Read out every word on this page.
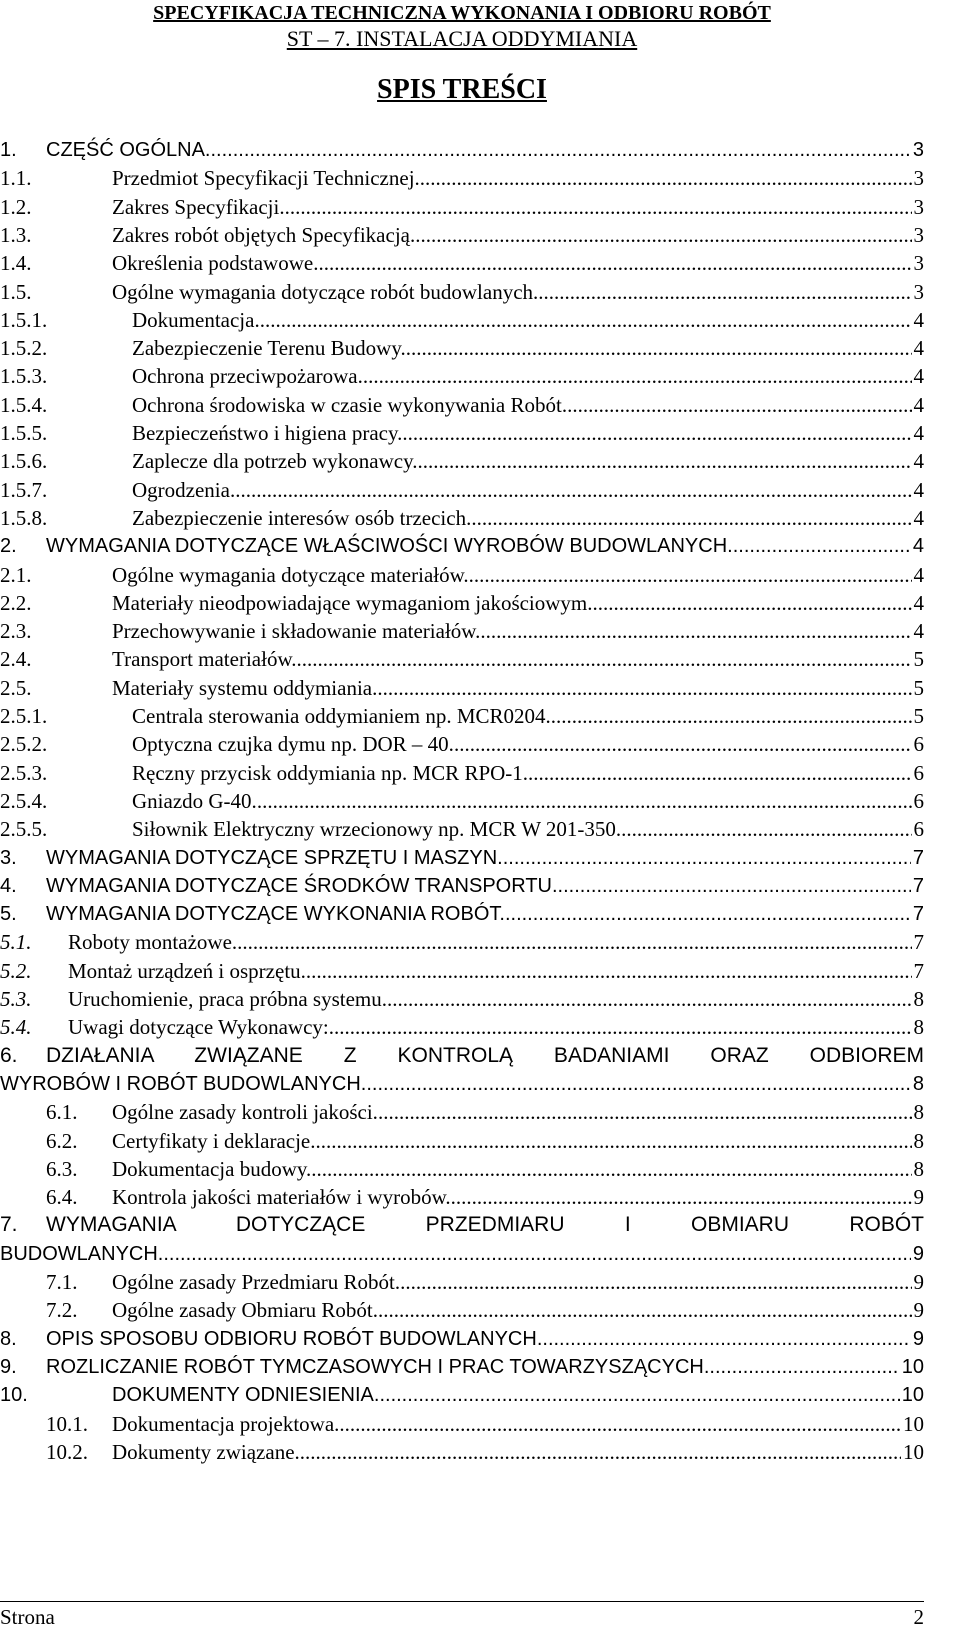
SPECYFIKACJA TECHNICZNA WYKONANIA I ODBIORU ROBÓT
ST – 7. INSTALACJA ODDYMIANIA
SPIS TREŚCI
1.	CZĘŚĆ OGÓLNA. .....	3
1.1.	Przedmiot Specyfikacji Technicznej. .....	3
1.2.	Zakres Specyfikacji. .....	3
1.3.	Zakres robót objętych Specyfikacją. .....	3
1.4.	Określenia podstawowe. .....	3
1.5.	Ogólne wymagania dotyczące robót budowlanych. .....	3
1.5.1.	Dokumentacja. .....	4
1.5.2.	Zabezpieczenie Terenu Budowy. .....	4
1.5.3.	Ochrona przeciwpożarowa. .....	4
1.5.4.	Ochrona środowiska w czasie wykonywania Robót. .....	4
1.5.5.	Bezpieczeństwo i higiena pracy. .....	4
1.5.6.	Zaplecze dla potrzeb wykonawcy. .....	4
1.5.7.	Ogrodzenia. .....	4
1.5.8.	Zabezpieczenie interesów osób trzecich. .....	4
2.	WYMAGANIA DOTYCZĄCE WŁAŚCIWOŚCI WYROBÓW BUDOWLANYCH. .....	4
2.1.	Ogólne wymagania dotyczące materiałów. .....	4
2.2.	Materiały nieodpowiadające wymaganiom jakościowym. .....	4
2.3.	Przechowywanie i składowanie materiałów. .....	4
2.4.	Transport materiałów. .....	5
2.5.	Materiały systemu oddymiania. .....	5
2.5.1.	Centrala sterowania oddymianiem np. MCR0204. .....	5
2.5.2.	Optyczna czujka dymu np. DOR – 40. .....	6
2.5.3.	Ręczny przycisk oddymiania np. MCR RPO-1. .....	6
2.5.4.	Gniazdo G-40. .....	6
2.5.5.	Siłownik Elektryczny wrzecionowy np. MCR W 201-350. .....	6
3.	WYMAGANIA DOTYCZĄCE SPRZĘTU I MASZYN. .....	7
4.	WYMAGANIA DOTYCZĄCE ŚRODKÓW TRANSPORTU. .....	7
5.	WYMAGANIA DOTYCZĄCE WYKONANIA ROBÓT. .....	7
5.1.	Roboty montażowe. .....	7
5.2.	Montaż urządzeń i osprzętu. .....	7
5.3.	Uruchomienie, praca próbna systemu. .....	8
5.4.	Uwagi dotyczące Wykonawcy: .....	8
6. DZIAŁANIA ZWIĄZANE Z KONTROLĄ BADANIAMI ORAZ ODBIOREM
WYROBÓW I ROBÓT BUDOWLANYCH. .....	8
6.1.	Ogólne zasady kontroli jakości. .....	8
6.2.	Certyfikaty i deklaracje. .....	8
6.3.	Dokumentacja budowy. .....	8
6.4.	Kontrola jakości materiałów i wyrobów. .....	9
7. WYMAGANIA DOTYCZĄCE PRZEDMIARU I OBMIARU ROBÓT
BUDOWLANYCH. .....	9
7.1.	Ogólne zasady Przedmiaru Robót. .....	9
7.2.	Ogólne zasady Obmiaru Robót. .....	9
8.	OPIS SPOSOBU ODBIORU ROBÓT BUDOWLANYCH. .....	9
9.	ROZLICZANIE ROBÓT TYMCZASOWYCH I PRAC TOWARZYSZĄCYCH. .....	10
10.	DOKUMENTY ODNIESIENIA. .....	10
10.1.	Dokumentacja projektowa. .....	10
10.2.	Dokumenty związane. .....	10
Strona	2
